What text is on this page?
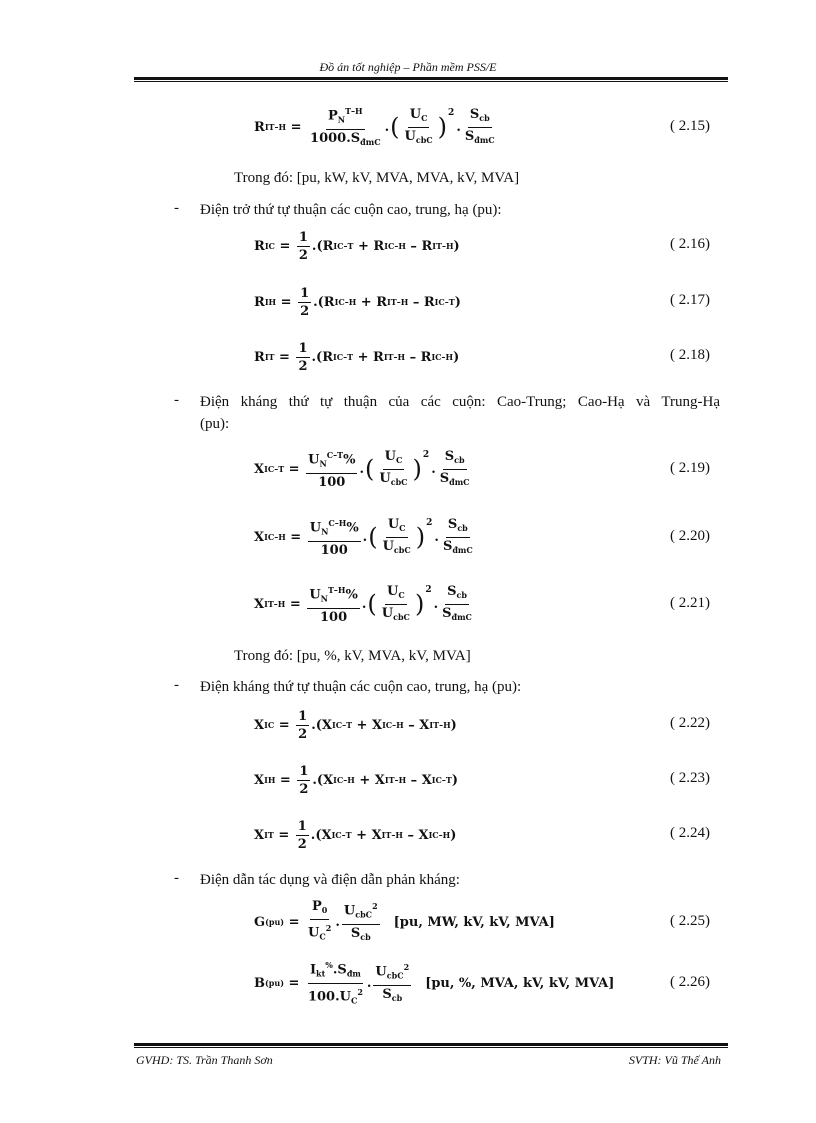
Đồ án tốt nghiệp – Phần mềm PSS/E
R $IT-H = \frac{P_N^{T-H}}{1000.S_{đmC}}$ . ( $\frac{U_C}{U_{cbC}}$ ) 2
. $\frac{S_{cb}}{S_{đmC}}$	( 2.15)
Trong đó: [pu, kW, kV, MVA, MVA, kV, MVA]
- Điện trở thứ tự thuận các cuộn cao, trung, hạ (pu):
R IC = $\frac{1}{2} .(R$ IC–T + R IC–H – R IT–H )	( 2.16)
R IH = $\frac{1}{2} .(R$ IC–H + R IT–H – R IC–T )	( 2.17)
R IT = $\frac{1}{2} .(R$ IC–T + R IT–H – R IC–H )	( 2.18)
- Điện kháng thứ tự thuận của các cuộn: Cao-Trung; Cao-Hạ và Trung-Hạ
(pu):
X $IC-T = \frac{U_N^{C-T}\%}{100}$ . ( $\frac{U_C}{U_{cbC}}$ ) 2
. $\frac{S_{cb}}{S_{đmC}}$	( 2.19)
X $IC-H = \frac{U_N^{C-H}\%}{100}$ . ( $\frac{U_C}{U_{cbC}}$ ) 2
. $\frac{S_{cb}}{S_{đmC}}$	( 2.20)
X $IT-H = \frac{U_N^{T-H}\%}{100}$ . ( $\frac{U_C}{U_{cbC}}$ ) 2
. $\frac{S_{cb}}{S_{đmC}}$	( 2.21)
Trong đó: [pu, %, kV, MVA, kV, MVA]
- Điện kháng thứ tự thuận các cuộn cao, trung, hạ (pu):
X IC = $\frac{1}{2} .(X$ IC–T + X IC–H – X IT–H )	( 2.22)
X IH = $\frac{1}{2} .(X$ IC–H + X IT–H – X IC–T )	( 2.23)
X IT = $\frac{1}{2} .(X$ IC–T + X IT–H – X IC–H )	( 2.24)
- Điện dẫn tác dụng và điện dẫn phản kháng:
G $(pu) = \frac{P_0}{U_C^2}$ . $\frac{U_{cbC}^2}{S_{cb}} [pu$, MW, kV, kV, MVA]	( 2.25)
B $(pu) = \frac{I_{kt}^{\%}.S_{đm}}{100.U_C^2}$ . $\frac{U_{cbC}^2}{S_{cb}} [pu$, %, MVA, kV, kV, MVA]	( 2.26)
GVHD: TS. Trần Thanh Sơn	SVTH: Vũ Thế Anh
